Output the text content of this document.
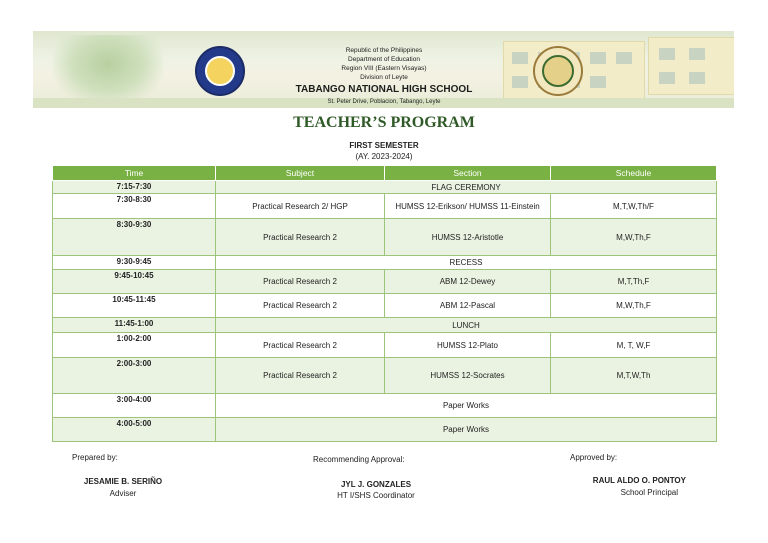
Republic of the Philippines
Department of Education
Region VIII (Eastern Visayas)
Division of Leyte
TABANGO NATIONAL HIGH SCHOOL
St. Peter Drive, Poblacion, Tabango, Leyte
TEACHER’S PROGRAM
FIRST SEMESTER
(AY. 2023-2024)
Time	Subject	Section	Schedule
7:15-7:30	FLAG CEREMONY		
7:30-8:30	Practical Research 2/ HGP	HUMSS 12-Erikson/ HUMSS 11-Einstein	M,T,W,Th/F
8:30-9:30	Practical Research 2	HUMSS 12-Aristotle	M,W,Th,F
9:30-9:45	RECESS		
9:45-10:45	Practical Research 2	ABM 12-Dewey	M,T,Th,F
10:45-11:45	Practical Research 2	ABM 12-Pascal	M,W,Th,F
11:45-1:00	LUNCH		
1:00-2:00	Practical Research 2	HUMSS 12-Plato	M, T, W,F
2:00-3:00	Practical Research 2	HUMSS 12-Socrates	M,T,W,Th
3:00-4:00	Paper Works		
4:00-5:00	Paper Works		
Prepared by:
JESAMIE B. SERIÑO
Adviser
Recommending Approval:
JYL J. GONZALES
HT I/SHS Coordinator
Approved by:
RAUL ALDO O. PONTOY
School Principal
